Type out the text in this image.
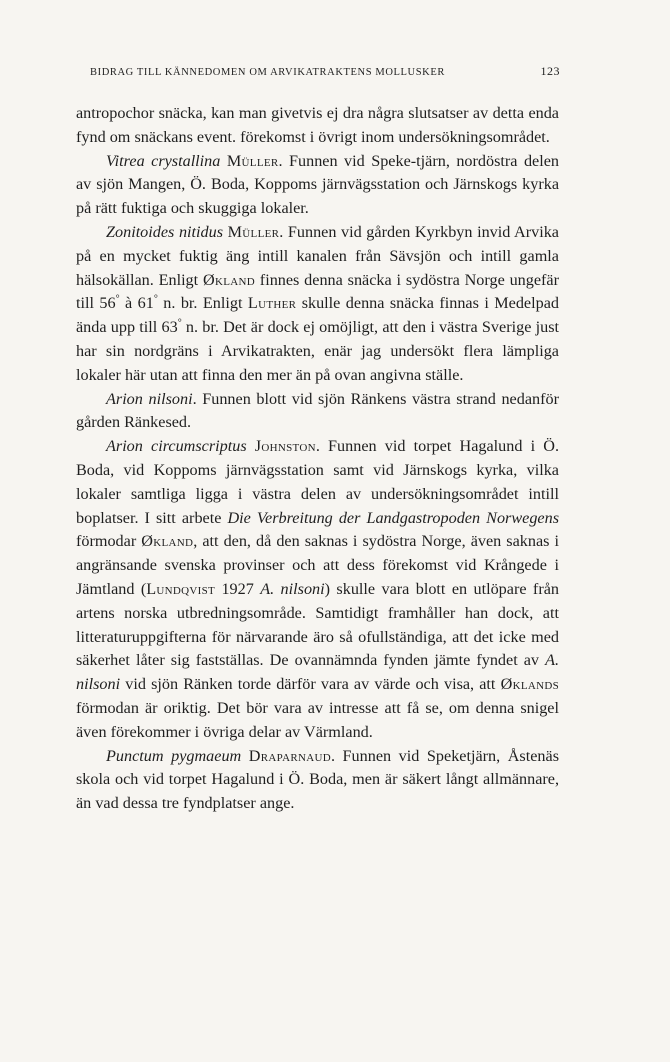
BIDRAG TILL KÄNNEDOMEN OM ARVIKATRAKTENS MOLLUSKER	123

antropochor snäcka, kan man givetvis ej dra några slutsatser av detta enda fynd om snäckans event. förekomst i övrigt inom undersökningsområdet.

Vitrea crystallina Müller. Funnen vid Speke-tjärn, nordöstra delen av sjön Mangen, Ö. Boda, Koppoms järnvägsstation och Järnskogs kyrka på rätt fuktiga och skuggiga lokaler.

Zonitoides nitidus Müller. Funnen vid gården Kyrkbyn invid Arvika på en mycket fuktig äng intill kanalen från Sävsjön och intill gamla hälsokällan. Enligt Økland finnes denna snäcka i sydöstra Norge ungefär till 56° à 61° n. br. Enligt Luther skulle denna snäcka finnas i Medelpad ända upp till 63° n. br. Det är dock ej omöjligt, att den i västra Sverige just har sin nordgräns i Arvikatrakten, enär jag undersökt flera lämpliga lokaler här utan att finna den mer än på ovan angivna ställe.

Arion nilsoni. Funnen blott vid sjön Ränkens västra strand nedanför gården Ränkesed.

Arion circumscriptus Johnston. Funnen vid torpet Hagalund i Ö. Boda, vid Koppoms järnvägsstation samt vid Järnskogs kyrka, vilka lokaler samtliga ligga i västra delen av undersökningsområdet intill boplatser. I sitt arbete Die Verbreitung der Landgastropoden Norwegens förmodar Økland, att den, då den saknas i sydöstra Norge, även saknas i angränsande svenska provinser och att dess förekomst vid Krångede i Jämtland (Lundqvist 1927 A. nilsoni) skulle vara blott en utlöpare från artens norska utbredningsområde. Samtidigt framhåller han dock, att litteraturuppgifterna för närvarande äro så ofullständiga, att det icke med säkerhet låter sig fastställas. De ovannämnda fynden jämte fyndet av A. nilsoni vid sjön Ränken torde därför vara av värde och visa, att Øklands förmodan är oriktig. Det bör vara av intresse att få se, om denna snigel även förekommer i övriga delar av Värmland.

Punctum pygmaeum Draparnaud. Funnen vid Speketjärn, Åstenäs skola och vid torpet Hagalund i Ö. Boda, men är säkert långt allmännare, än vad dessa tre fyndplatser ange.
